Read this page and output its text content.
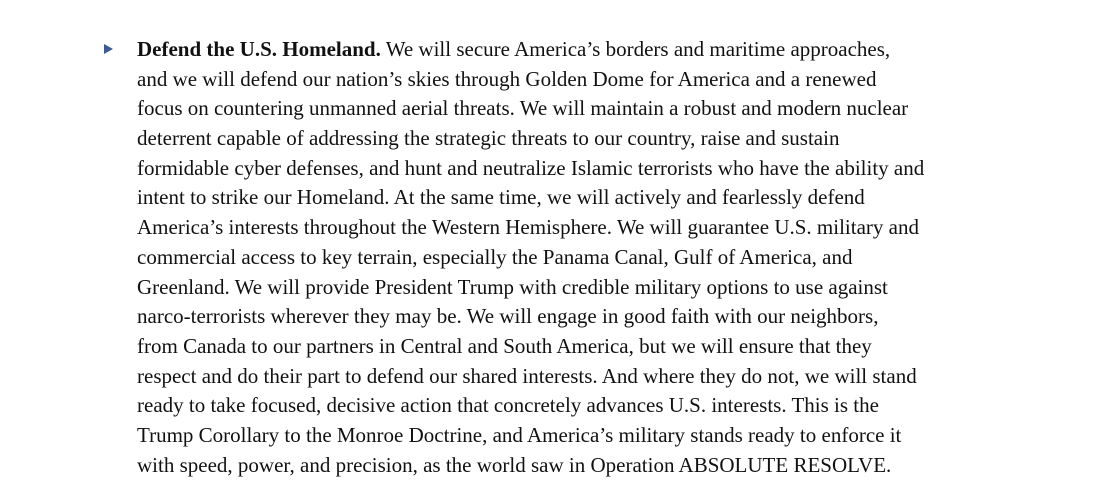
Defend the U.S. Homeland. We will secure America’s borders and maritime approaches,
and we will defend our nation’s skies through Golden Dome for America and a renewed
focus on countering unmanned aerial threats. We will maintain a robust and modern nuclear
deterrent capable of addressing the strategic threats to our country, raise and sustain
formidable cyber defenses, and hunt and neutralize Islamic terrorists who have the ability and
intent to strike our Homeland. At the same time, we will actively and fearlessly defend
America’s interests throughout the Western Hemisphere. We will guarantee U.S. military and
commercial access to key terrain, especially the Panama Canal, Gulf of America, and
Greenland. We will provide President Trump with credible military options to use against
narco-terrorists wherever they may be. We will engage in good faith with our neighbors,
from Canada to our partners in Central and South America, but we will ensure that they
respect and do their part to defend our shared interests. And where they do not, we will stand
ready to take focused, decisive action that concretely advances U.S. interests. This is the
Trump Corollary to the Monroe Doctrine, and America’s military stands ready to enforce it
with speed, power, and precision, as the world saw in Operation ABSOLUTE RESOLVE.
